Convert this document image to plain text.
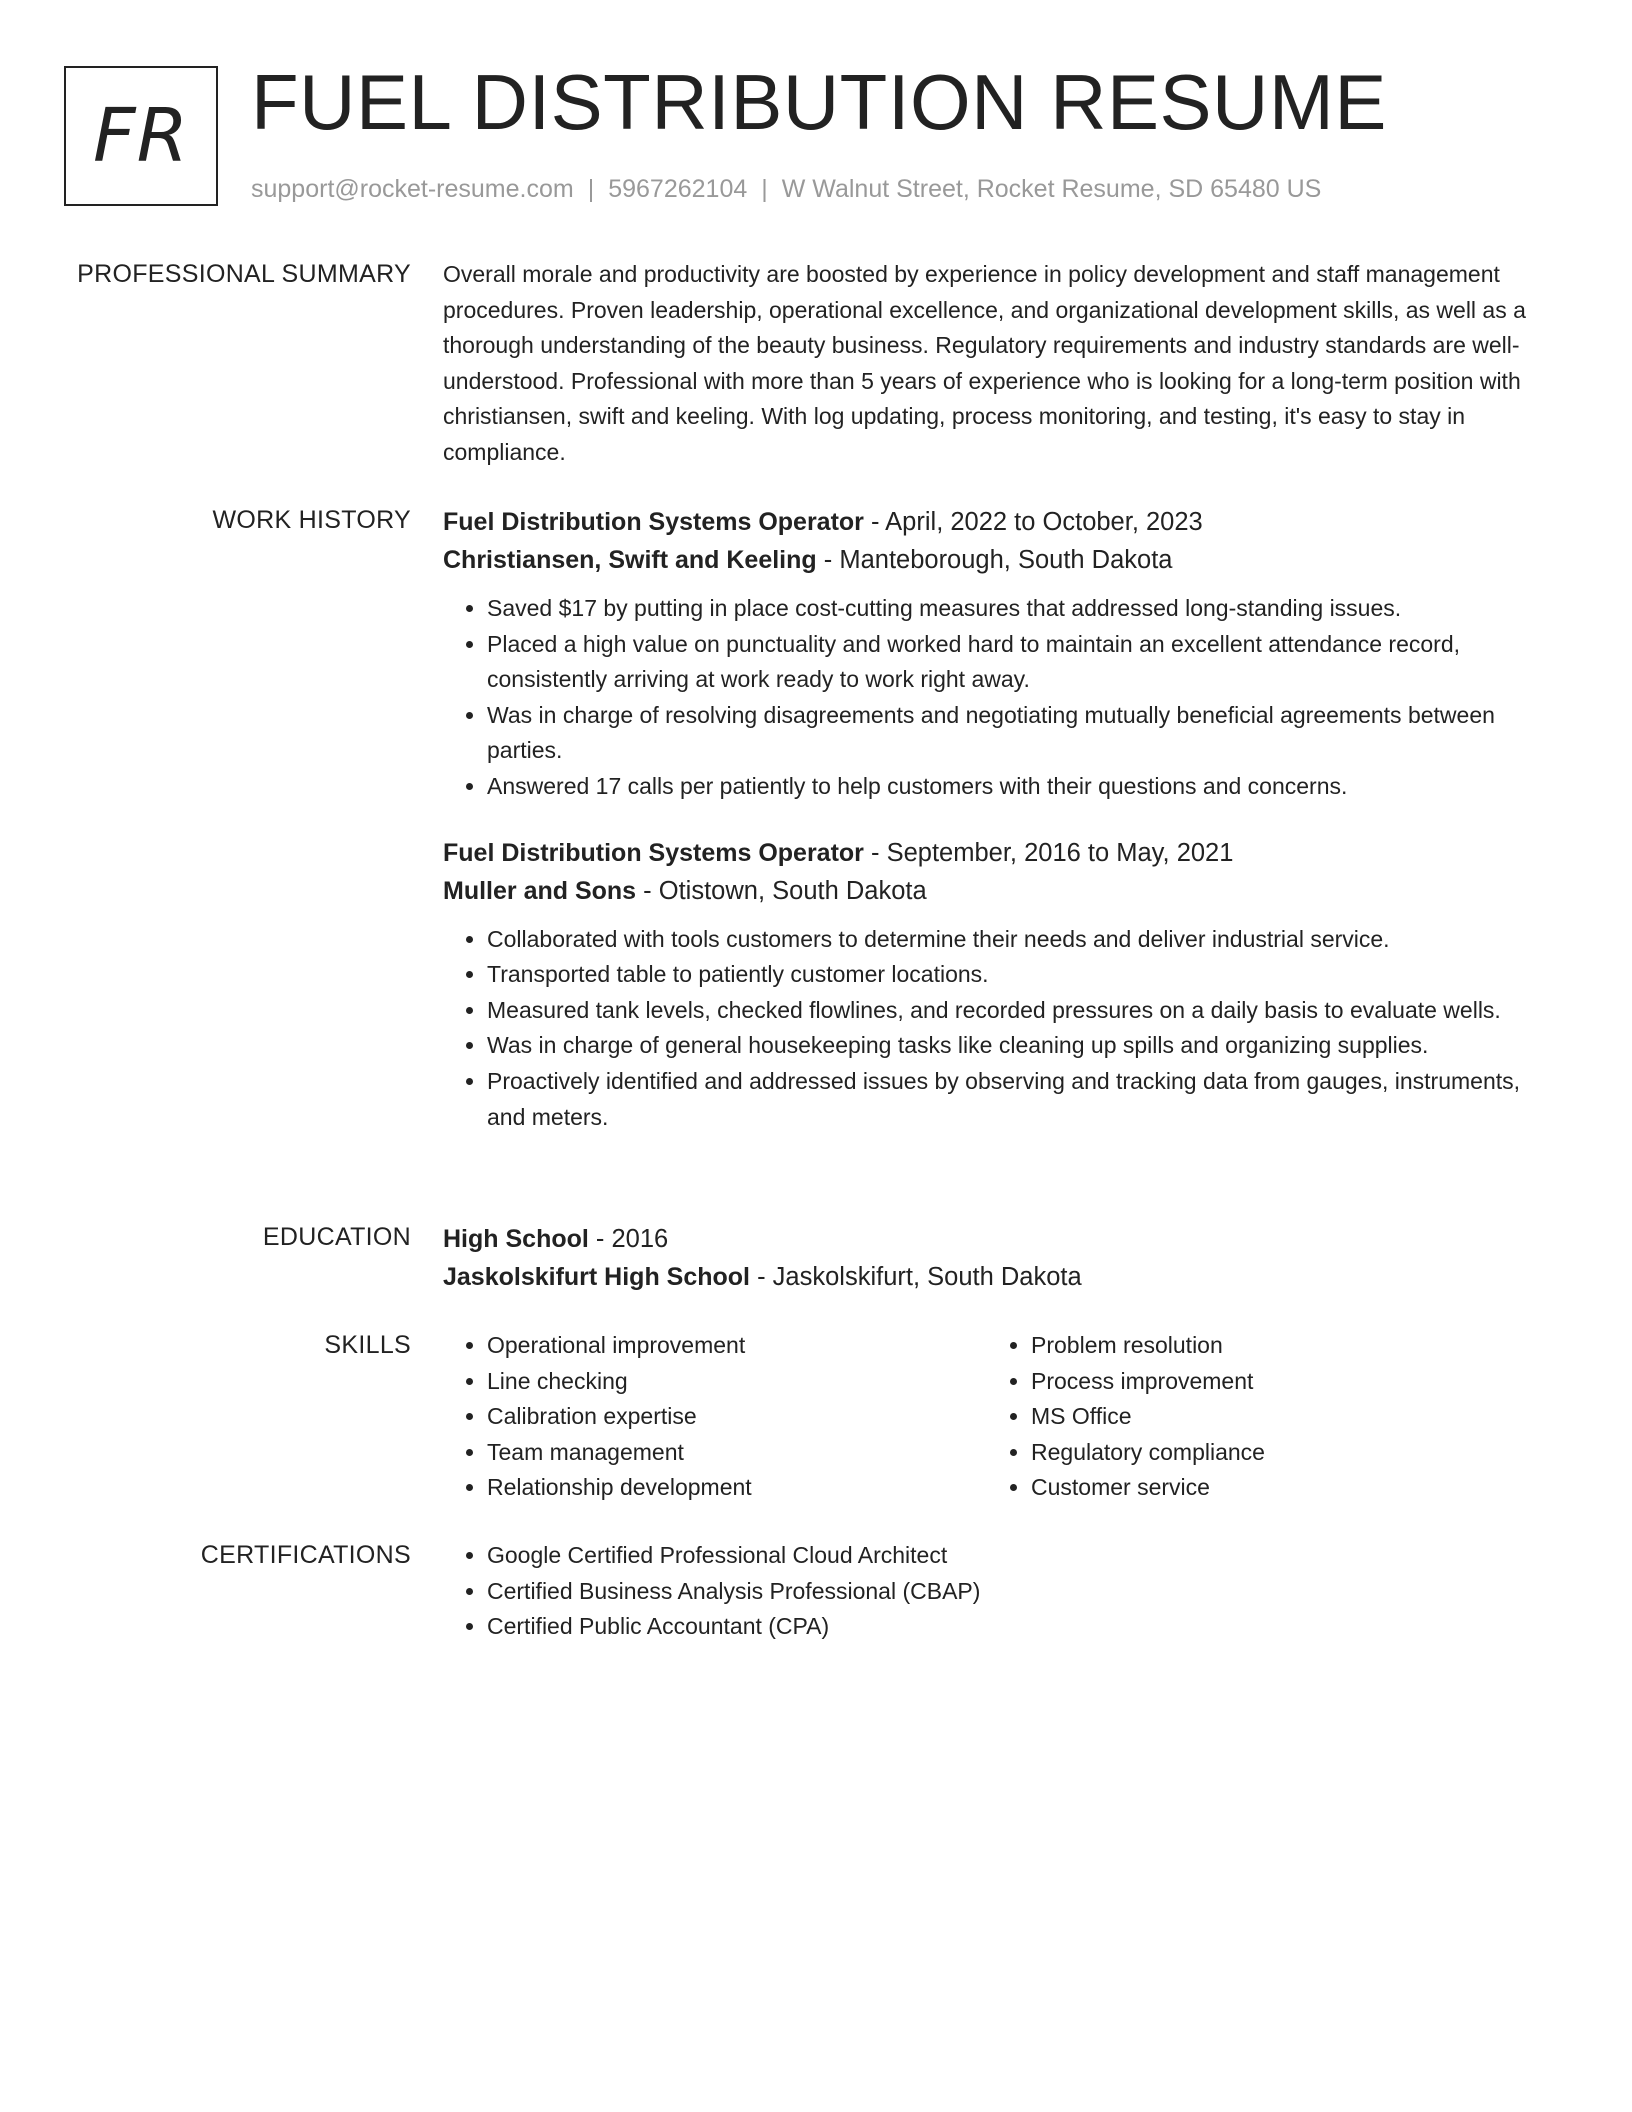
FR FUEL DISTRIBUTION RESUME
support@rocket-resume.com | 5967262104 | W Walnut Street, Rocket Resume, SD 65480 US
PROFESSIONAL SUMMARY Overall morale and productivity are boosted by experience in policy development and staff management procedures. Proven leadership, operational excellence, and organizational development skills, as well as a thorough understanding of the beauty business. Regulatory requirements and industry standards are well-understood. Professional with more than 5 years of experience who is looking for a long-term position with christiansen, swift and keeling. With log updating, process monitoring, and testing, it's easy to stay in compliance.

WORK HISTORY Fuel Distribution Systems Operator - April, 2022 to October, 2023

Christiansen, Swift and Keeling - Manteborough, South Dakota

• Saved $17 by putting in place cost-cutting measures that addressed long-standing issues.
• Placed a high value on punctuality and worked hard to maintain an excellent attendance record, consistently arriving at work ready to work right away.
• Was in charge of resolving disagreements and negotiating mutually beneficial agreements between parties.
• Answered 17 calls per patiently to help customers with their questions and concerns.

Fuel Distribution Systems Operator - September, 2016 to May, 2021

Muller and Sons - Otistown, South Dakota

• Collaborated with tools customers to determine their needs and deliver industrial service.
• Transported table to patiently customer locations.
• Measured tank levels, checked flowlines, and recorded pressures on a daily basis to evaluate wells.
• Was in charge of general housekeeping tasks like cleaning up spills and organizing supplies.
• Proactively identified and addressed issues by observing and tracking data from gauges, instruments, and meters.
EDUCATION High School - 2016

Jaskolskifurt High School - Jaskolskifurt, South Dakota

SKILLS	• Operational improvement
• Line checking
• Calibration expertise
• Team management
• Relationship development
• Problem resolution
• Process improvement
• MS Office
• Regulatory compliance
• Customer service
CERTIFICATIONS	• Google Certified Professional Cloud Architect
• Certified Business Analysis Professional (CBAP)
• Certified Public Accountant (CPA)
